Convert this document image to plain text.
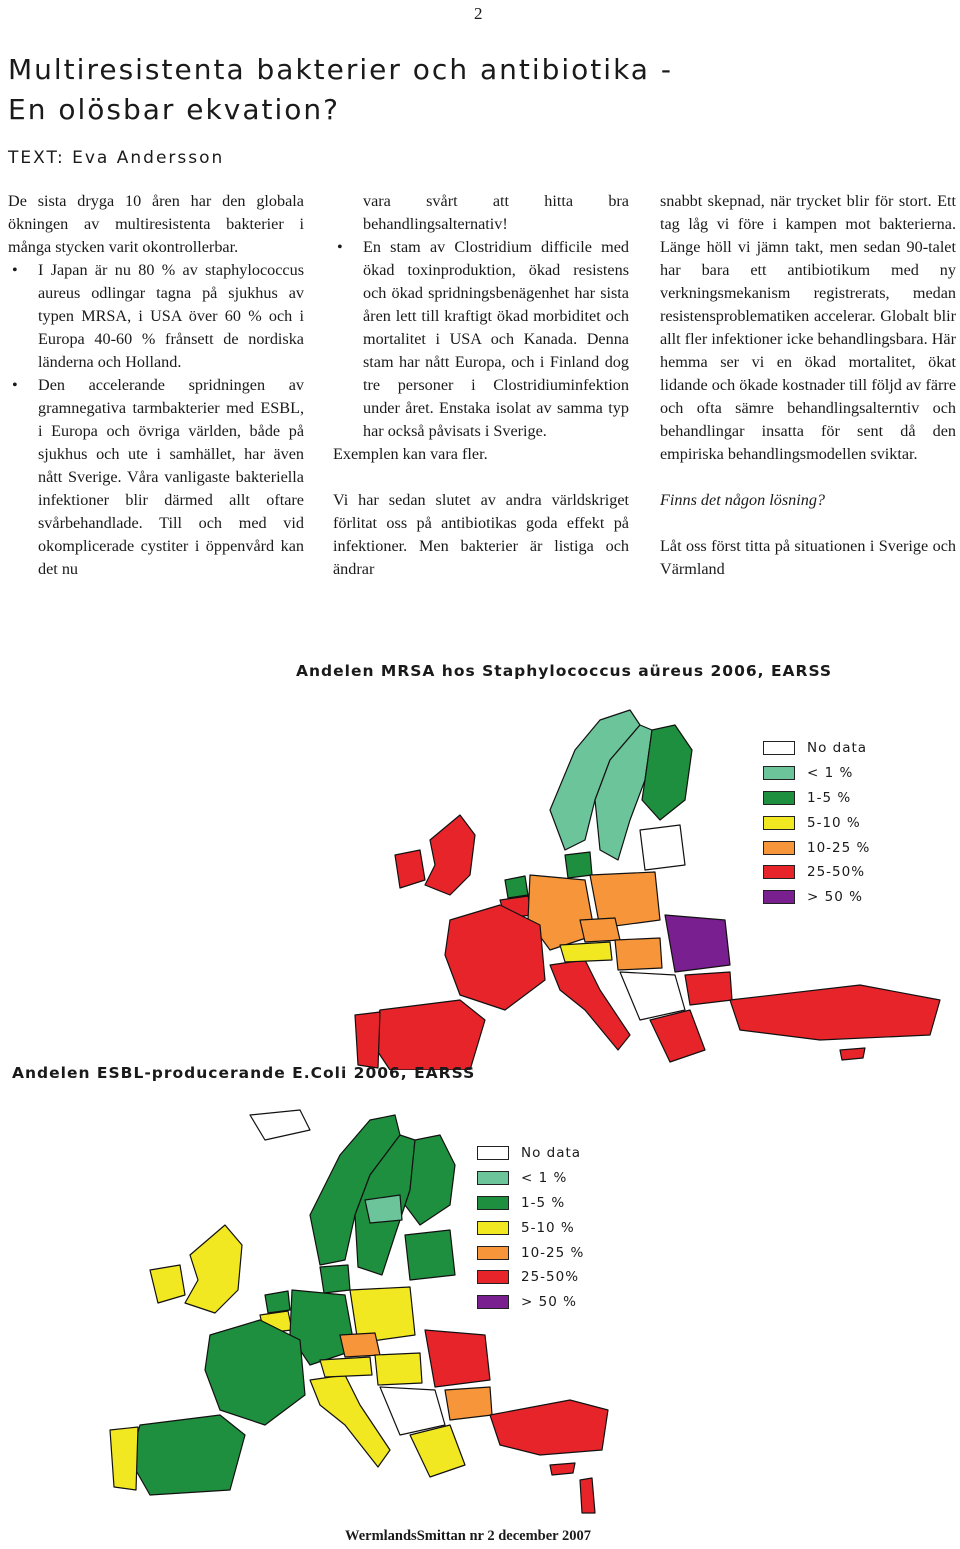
2
Multiresistenta bakterier och antibiotika -
En olösbar ekvation?

TEXT: Eva Andersson

De sista dryga 10 åren har den globala ökningen av multiresistenta bakterier i många stycken varit okontrollerbar.

• I Japan är nu 80 % av staphylococcus aureus odlingar tagna på sjukhus av typen MRSA, i USA över 60 % och i Europa 40-60 % frånsett de nordiska länderna och Holland.
• Den accelerande spridningen av gramnegativa tarmbakterier med ESBL, i Europa och övriga världen, både på sjukhus och ute i samhället, har även nått Sverige. Våra vanligaste bakteriella infektioner blir därmed allt oftare svårbehandlade. Till och med vid okomplicerade cystiter i öppenvård kan det nu

vara svårt att hitta bra behandlingsalternativ!

• En stam av Clostridium difficile med ökad toxinproduktion, ökad resistens och ökad spridningsbenägenhet har sista åren lett till kraftigt ökad morbiditet och mortalitet i USA och Kanada. Denna stam har nått Europa, och i Finland dog tre personer i Clostridiuminfektion under året. Enstaka isolat av samma typ har också påvisats i Sverige.

Exemplen kan vara fler.

Vi har sedan slutet av andra världskriget förlitat oss på antibiotikas goda effekt på infektioner. Men bakterier är listiga och ändrar

snabbt skepnad, när trycket blir för stort. Ett tag låg vi före i kampen mot bakterierna. Länge höll vi jämn takt, men sedan 90-talet har bara ett antibiotikum med ny verkningsmekanism registrerats, medan resistensproblematiken accelerar. Globalt blir allt fler infektioner icke behandlingsbara. Här hemma ser vi en ökad mortalitet, ökat lidande och ökade kostnader till följd av färre och ofta sämre behandlingsalterntiv och behandlingar insatta för sent då den empiriska behandlingsmodellen sviktar.

Finns det någon lösning?

Låt oss först titta på situationen i Sverige och Värmland

Andelen MRSA hos Staphylococcus aüreus 2006, EARSS
No data
< 1 %
1-5 %
5-10 %
10-25 %
25-50%
> 50 %
Andelen ESBL-producerande E.Coli 2006, EARSS
No data
< 1 %
1-5 %
5-10 %
10-25 %
25-50%
> 50 %

WermlandsSmittan nr 2 december 2007
